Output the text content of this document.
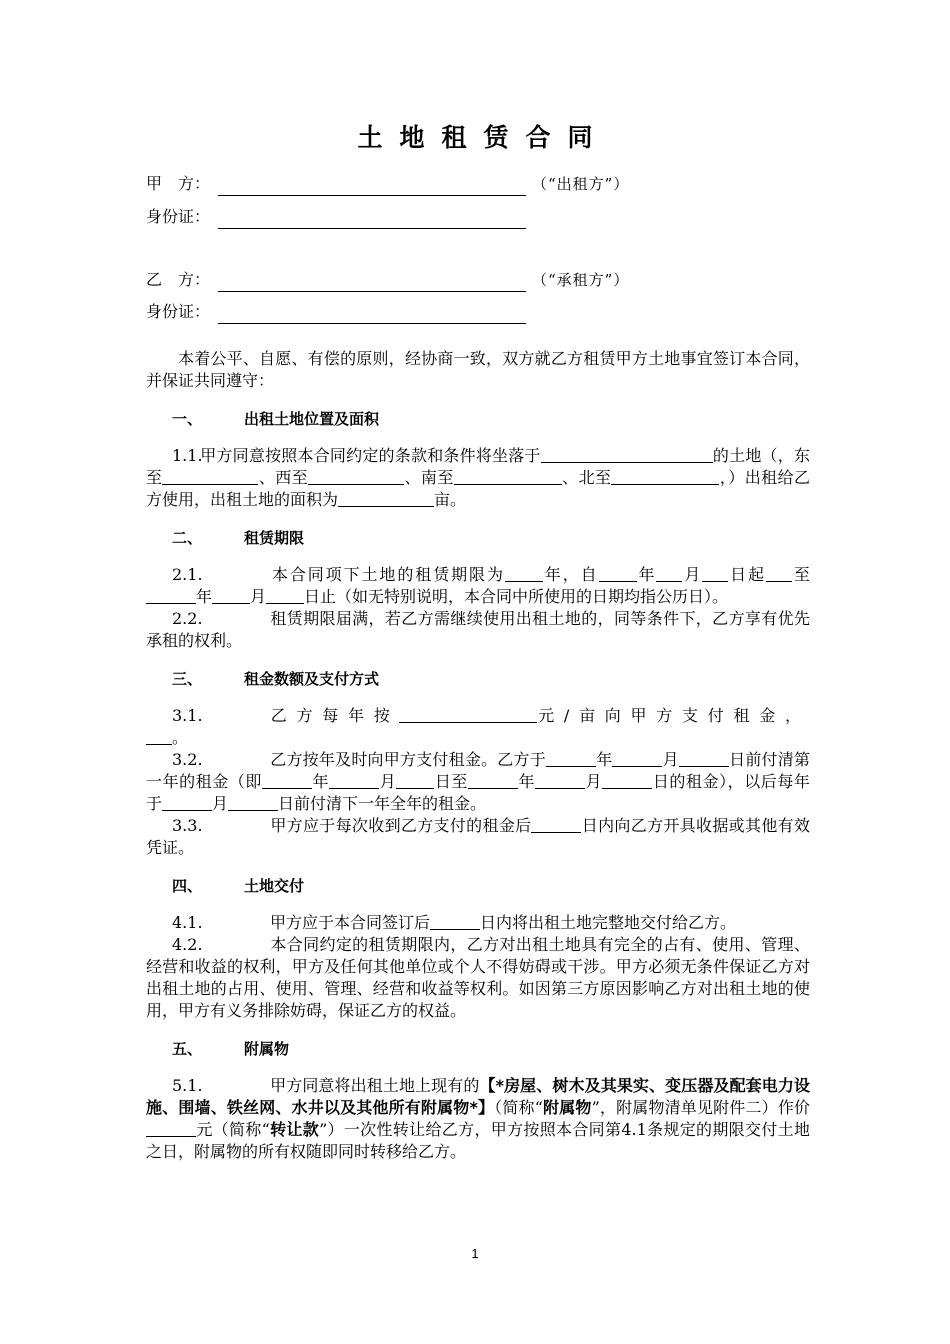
土地租赁合同
甲　方：	（“出租方”）
身份证：
乙　方：	（“承租方”）
身份证：

本着公平、自愿、有偿的原则，经协商一致，双方就乙方租赁甲方土地事宜签订本合同，并保证共同遵守：

一、	出租土地位置及面积

1.1.甲方同意按照本合同约定的条款和条件将坐落于	的土地（，东至	、西至	、南至	、北至	，）出租给乙方使用，出租土地的面积为	亩。

二、	租赁期限

2.1.	本合同项下土地的租赁期限为 年，自 年 月 日起 至年 月 日止（如无特别说明，本合同中所使用的日期均指公历日）。

2.2.	租赁期限届满，若乙方需继续使用出租土地的，同等条件下，乙方享有优先承租的权利。

三、	租金数额及支付方式

3.1.	乙方每年按	元/亩向甲方支付租金，。

3.2.	乙方按年及时向甲方支付租金。乙方于	年	月	日前付清第一年的租金（即	年	月 日至	年	月	日的租金），以后每年于	月	日前付清下一年全年的租金。

3.3.	甲方应于每次收到乙方支付的租金后	日内向乙方开具收据或其他有效凭证。

四、	土地交付

4.1.	甲方应于本合同签订后	日内将出租土地完整地交付给乙方。

4.2.	本合同约定的租赁期限内，乙方对出租土地具有完全的占有、使用、管理、经营和收益的权利，甲方及任何其他单位或个人不得妨碍或干涉。甲方必须无条件保证乙方对出租土地的占用、使用、管理、经营和收益等权利。如因第三方原因影响乙方对出租土地的使用，甲方有义务排除妨碍，保证乙方的权益。

五、	附属物

5.1.	甲方同意将出租土地上现有的【*房屋、树木及其果实、变压器及配套电力设施、围墙、铁丝网、水井以及其他所有附属物*】（简称“附属物”，附属物清单见附件二）作价元（简称“转让款”）一次性转让给乙方，甲方按照本合同第4.1条规定的期限交付土地之日，附属物的所有权随即同时转移给乙方。

1
